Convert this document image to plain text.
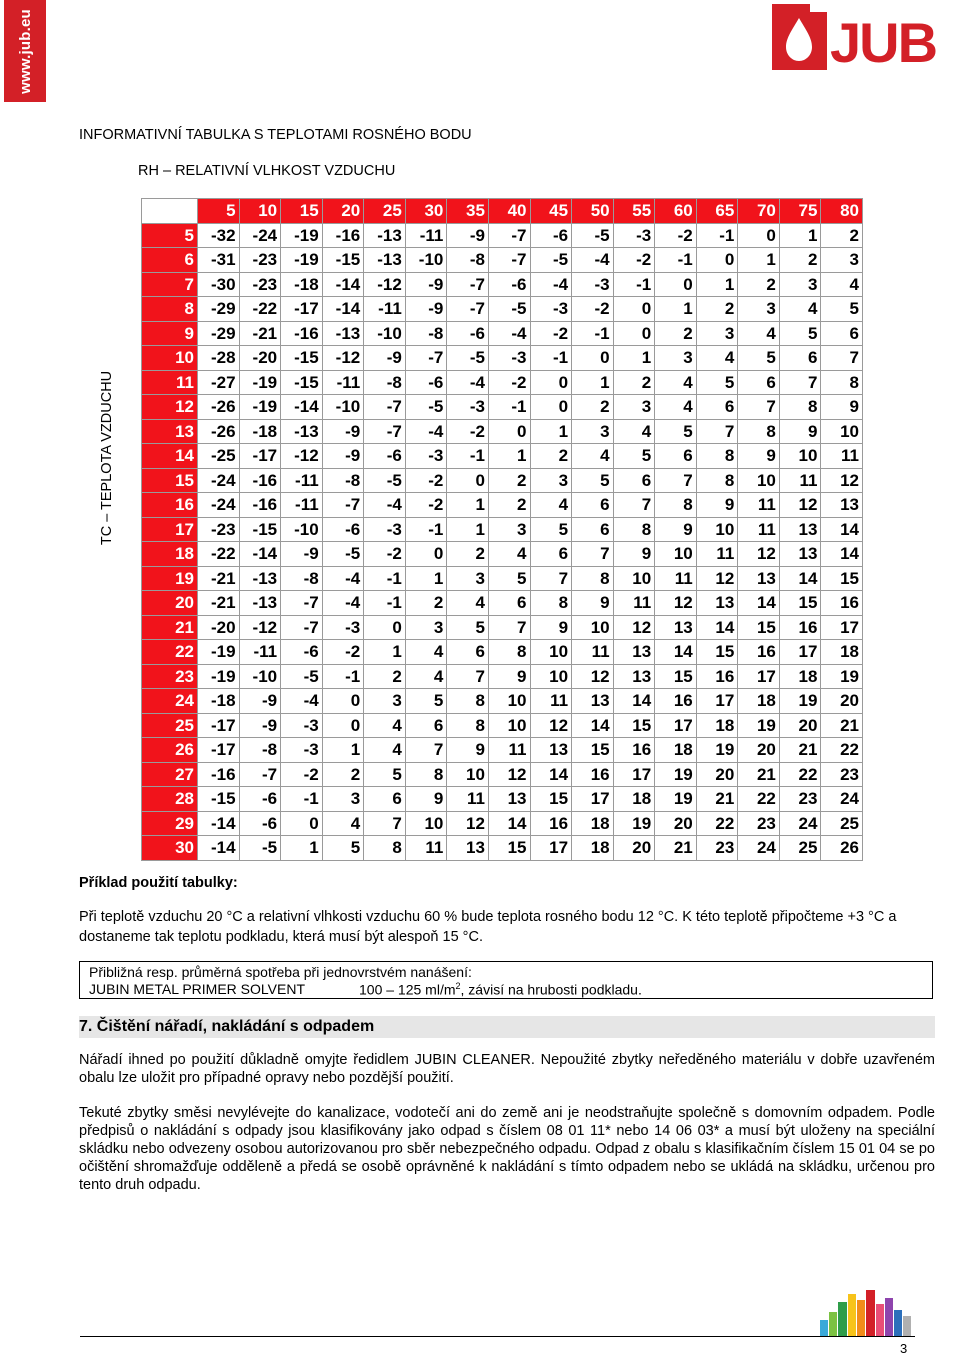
www.jub.eu	JUB
INFORMATIVNÍ TABULKA S TEPLOTAMI ROSNÉHO BODU
RH – RELATIVNÍ VLHKOST VZDUCHU
TC – TEPLOTA VZDUCHU
	5	10	15	20	25	30	35	40	45	50	55	60	65	70	75	80
5	-32	-24	-19	-16	-13	-11	-9	-7	-6	-5	-3	-2	-1	0	1	2
6	-31	-23	-19	-15	-13	-10	-8	-7	-5	-4	-2	-1	0	1	2	3
7	-30	-23	-18	-14	-12	-9	-7	-6	-4	-3	-1	0	1	2	3	4
8	-29	-22	-17	-14	-11	-9	-7	-5	-3	-2	0	1	2	3	4	5
9	-29	-21	-16	-13	-10	-8	-6	-4	-2	-1	0	2	3	4	5	6
10	-28	-20	-15	-12	-9	-7	-5	-3	-1	0	1	3	4	5	6	7
11	-27	-19	-15	-11	-8	-6	-4	-2	0	1	2	4	5	6	7	8
12	-26	-19	-14	-10	-7	-5	-3	-1	0	2	3	4	6	7	8	9
13	-26	-18	-13	-9	-7	-4	-2	0	1	3	4	5	7	8	9	10
14	-25	-17	-12	-9	-6	-3	-1	1	2	4	5	6	8	9	10	11
15	-24	-16	-11	-8	-5	-2	0	2	3	5	6	7	8	10	11	12
16	-24	-16	-11	-7	-4	-2	1	2	4	6	7	8	9	11	12	13
17	-23	-15	-10	-6	-3	-1	1	3	5	6	8	9	10	11	13	14
18	-22	-14	-9	-5	-2	0	2	4	6	7	9	10	11	12	13	14
19	-21	-13	-8	-4	-1	1	3	5	7	8	10	11	12	13	14	15
20	-21	-13	-7	-4	-1	2	4	6	8	9	11	12	13	14	15	16
21	-20	-12	-7	-3	0	3	5	7	9	10	12	13	14	15	16	17
22	-19	-11	-6	-2	1	4	6	8	10	11	13	14	15	16	17	18
23	-19	-10	-5	-1	2	4	7	9	10	12	13	15	16	17	18	19
24	-18	-9	-4	0	3	5	8	10	11	13	14	16	17	18	19	20
25	-17	-9	-3	0	4	6	8	10	12	14	15	17	18	19	20	21
26	-17	-8	-3	1	4	7	9	11	13	15	16	18	19	20	21	22
27	-16	-7	-2	2	5	8	10	12	14	16	17	19	20	21	22	23
28	-15	-6	-1	3	6	9	11	13	15	17	18	19	21	22	23	24
29	-14	-6	0	4	7	10	12	14	16	18	19	20	22	23	24	25
30	-14	-5	1	5	8	11	13	15	17	18	20	21	23	24	25	26
Příklad použití tabulky:
Při teplotě vzduchu 20 °C a relativní vlhkosti vzduchu 60 % bude teplota rosného bodu 12 °C. K této teplotě připočteme +3 °C a dostaneme tak teplotu podkladu, která musí být alespoň 15 °C.
Přibližná resp. průměrná spotřeba při jednovrstvém nanášení:
JUBIN METAL PRIMER SOLVENT	100 – 125 $ml/m^2$, závisí na hrubosti podkladu.
7. Čištění nářadí, nakládání s odpadem
Nářadí ihned po použití důkladně omyjte ředidlem JUBIN CLEANER. Nepoužité zbytky neředěného materiálu v dobře uzavřeném obalu lze uložit pro případné opravy nebo pozdější použití.
Tekuté zbytky směsi nevylévejte do kanalizace, vodotečí ani do země ani je neodstraňujte společně s domovním odpadem. Podle předpisů o nakládání s odpady jsou klasifikovány jako odpad s číslem 08 01 11* nebo 14 06 03* a musí být uloženy na speciální skládku nebo odvezeny osobou autorizovanou pro sběr nebezpečného odpadu. Odpad z obalu s klasifikačním číslem 15 01 04 se po očištění shromažďuje odděleně a předá se osobě oprávněné k nakládání s tímto odpadem nebo se ukládá na skládku, určenou pro tento druh odpadu.
3
